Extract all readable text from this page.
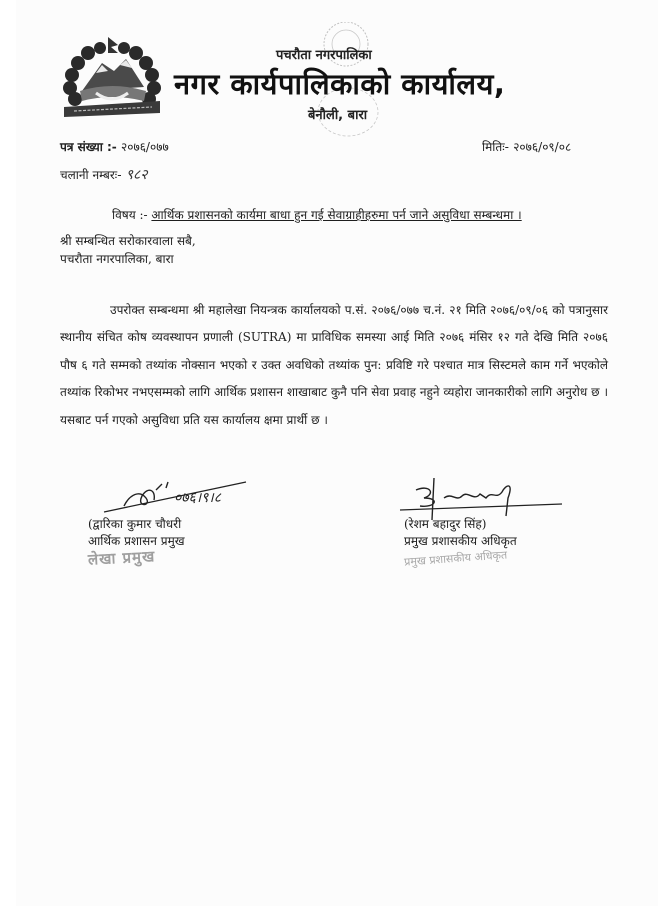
पचरौता नगरपालिका
नगर कार्यपालिकाको कार्यालय,
बेनौली, बारा
पत्र संख्या :- २०७६/०७७	मितिः- २०७६/०९/०८
चलानी नम्बरः- ९८२
विषय :- आर्थिक प्रशासनको कार्यमा बाधा हुन गई सेवाग्राहीहरुमा पर्न जाने असुविधा सम्बन्धमा ।
श्री सम्बन्धित सरोकारवाला सबै,
पचरौता नगरपालिका, बारा

उपरोक्त सम्बन्धमा श्री महालेखा नियन्त्रक कार्यालयको प.सं. २०७६/०७७ च.नं. २१ मिति २०७६/०९/०६ को पत्रानुसार स्थानीय संचित कोष व्यवस्थापन प्रणाली (SUTRA) मा प्राविधिक समस्या आई मिति २०७६ मंसिर १२ गते देखि मिति २०७६ पौष ६ गते सम्मको तथ्यांक नोक्सान भएको र उक्त अवधिको तथ्यांक पुन: प्रविष्टि गरे पश्चात मात्र सिस्टमले काम गर्ने भएकोले तथ्यांक रिकोभर नभएसम्मको लागि आर्थिक प्रशासन शाखाबाट कुनै पनि सेवा प्रवाह नहुने व्यहोरा जानकारीको लागि अनुरोध छ । यसबाट पर्न गएको असुविधा प्रति यस कार्यालय क्षमा प्रार्थी छ ।

०७६।९।८
(द्वारिका कुमार चौधरी
आर्थिक प्रशासन प्रमुख
लेखा प्रमुख
(रेशम बहादुर सिंह)
प्रमुख प्रशासकीय अधिकृत
प्रमुख प्रशासकीय अधिकृत
